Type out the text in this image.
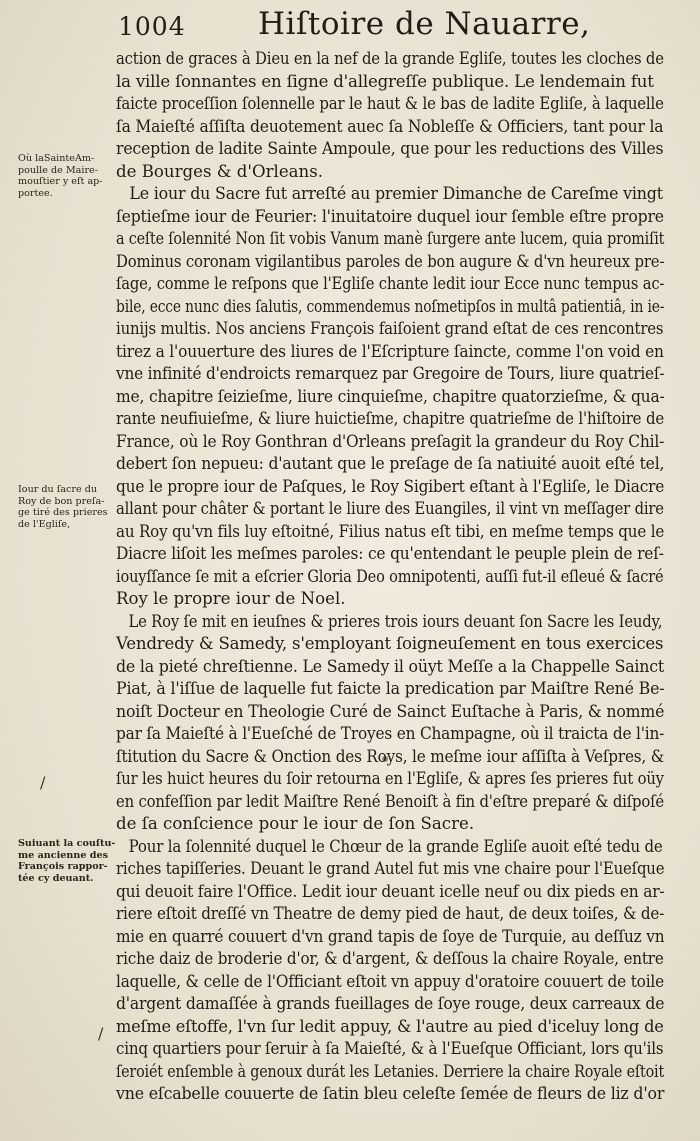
1004 Hiſtoire de Nauarre,
Où laSainteAm-
poulle de Maire-
mouſtier y eſt ap-
portee.
Iour du ſacre du
Roy de bon preſa-
ge tiré des prieres
de l'Egliſe,
Suiuant la couſtu-
me ancienne des
François rappor-
tée cy deuant.
/
/
action de graces à Dieu en la nef de la grande Egliſe, toutes les cloches de
la ville ſonnantes en ſigne d'allegreſſe publique. Le lendemain fut
faicte proceſſion ſolennelle par le haut & le bas de ladite Egliſe, à laquelle
ſa Maieſté aſſiſta deuotement auec ſa Nobleſſe & Officiers, tant pour la
reception de ladite Sainte Ampoule, que pour les reductions des Villes
de Bourges & d'Orleans.
Le iour du Sacre fut arreſté au premier Dimanche de Careſme vingt
ſeptieſme iour de Feurier: l'inuitatoire duquel iour ſemble eſtre propre
a ceſte ſolennité Non ſit vobis Vanum manè ſurgere ante lucem, quia promiſit
Dominus coronam vigilantibus paroles de bon augure & d'vn heureux pre-
ſage, comme le reſpons que l'Egliſe chante ledit iour Ecce nunc tempus ac-
bile, ecce nunc dies ſalutis, commendemus noſmetipſos in multâ patientiâ, in ie-
iunijs multis. Nos anciens François faiſoient grand eſtat de ces rencontres
tirez a l'ouuerture des liures de l'Eſcripture ſaincte, comme l'on void en
vne infinité d'endroicts remarquez par Gregoire de Tours, liure quatrieſ-
me, chapitre ſeizieſme, liure cinquieſme, chapitre quatorzieſme, & qua-
rante neufiuieſme, & liure huictieſme, chapitre quatrieſme de l'hiſtoire de
France, où le Roy Gonthran d'Orleans preſagit la grandeur du Roy Chil-
debert ſon nepueu: d'autant que le preſage de ſa natiuité auoit eſté tel,
que le propre iour de Paſques, le Roy Sigibert eſtant à l'Egliſe, le Diacre
allant pour châter & portant le liure des Euangiles, il vint vn meſſager dire
au Roy qu'vn fils luy eſtoitné, Filius natus eſt tibi, en meſme temps que le
Diacre liſoit les meſmes paroles: ce qu'entendant le peuple plein de reſ-
iouyſſance ſe mit a eſcrier Gloria Deo omnipotenti, auſſi fut-il eſleué & ſacré
Roy le propre iour de Noel.
Le Roy ſe mit en ieuſnes & prieres trois iours deuant ſon Sacre les Ieudy,
Vendredy & Samedy, s'employant ſoigneuſement en tous exercices
de la pieté chreſtienne. Le Samedy il oüyt Meſſe a la Chappelle Sainct
Piat, à l'iſſue de laquelle fut faicte la predication par Maiſtre René Be-
noiſt Docteur en Theologie Curé de Sainct Euſtache à Paris, & nommé
par ſa Maieſté à l'Eueſché de Troyes en Champagne, où il traicta de l'in-
ſtitution du Sacre & Onction des Roys, le meſme iour aſſiſta à Veſpres, &
ſur les huict heures du ſoir retourna en l'Egliſe, & apres ſes prieres fut oüy
en confeſſion par ledit Maiſtre René Benoiſt à fin d'eſtre preparé & diſpoſé
de ſa conſcience pour le iour de ſon Sacre.
Pour la ſolennité duquel le Chœur de la grande Egliſe auoit eſté tedu de
riches tapiſſeries. Deuant le grand Autel fut mis vne chaire pour l'Eueſque
qui deuoit faire l'Office. Ledit iour deuant icelle neuf ou dix pieds en ar-
riere eſtoit dreſſé vn Theatre de demy pied de haut, de deux toiſes, & de-
mie en quarré couuert d'vn grand tapis de ſoye de Turquie, au deſſuz vn
riche daiz de broderie d'or, & d'argent, & deſſous la chaire Royale, entre
laquelle, & celle de l'Officiant eſtoit vn appuy d'oratoire couuert de toile
d'argent damaſſée à grands fueillages de ſoye rouge, deux carreaux de
meſme eſtoffe, l'vn ſur ledit appuy, & l'autre au pied d'iceluy long de
cinq quartiers pour ſeruir à ſa Maieſté, & à l'Eueſque Officiant, lors qu'ils
ſeroiét enſemble à genoux durát les Letanies. Derriere la chaire Royale eſtoit
vne eſcabelle couuerte de ſatin bleu celeſte ſemée de fleurs de liz d'or
